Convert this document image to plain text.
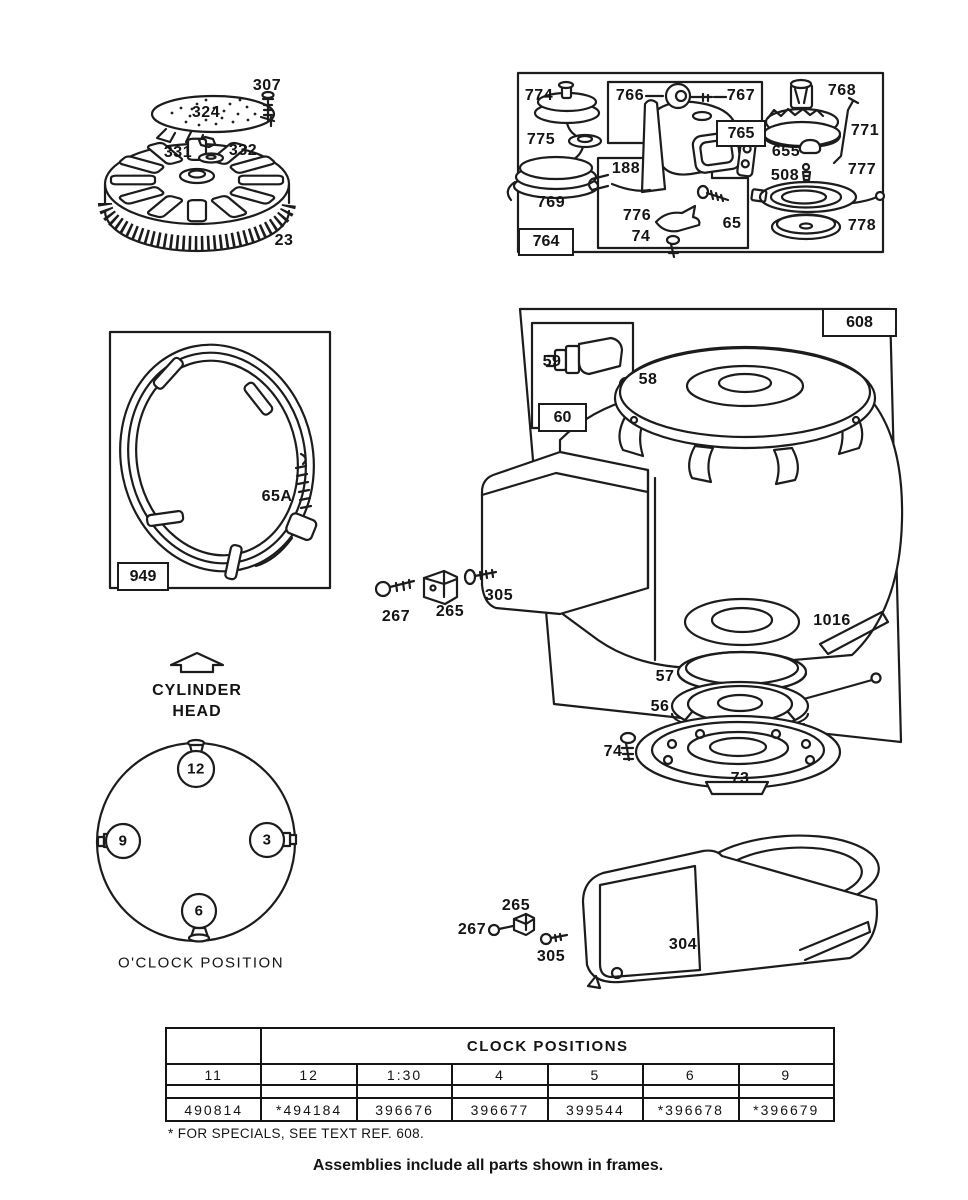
307
324
331 332
23
774	766	767	768
775
771
655
508	777
188
769
776
74
65	778
59
58
65A
267 265
305
1016
57
56
74
73
265
267
305
304
764
765
949
608
60
12
9	3
6
CYLINDER
HEAD
O'CLOCK POSITION
	CLOCK POSITIONS					
11	12	1:30	4	5	6	9

490814	*494184	396676	396677	399544	*396678	*396679
* FOR SPECIALS, SEE TEXT REF. 608.
Assemblies include all parts shown in frames.
